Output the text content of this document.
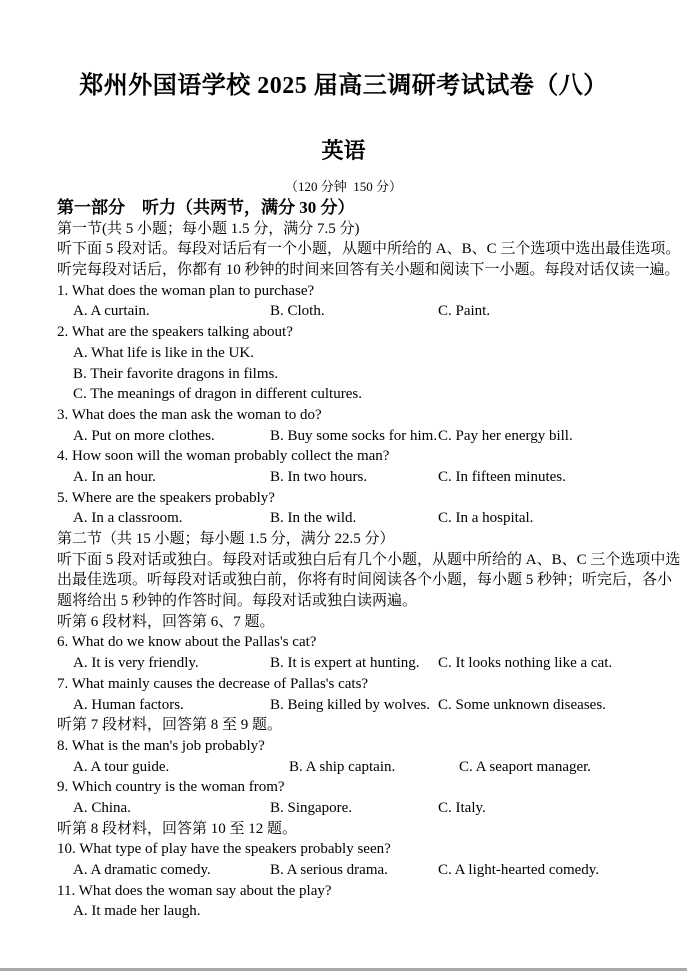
郑州外国语学校 2025 届高三调研考试试卷（八）
英语
（120 分钟  150 分）
第一部分　听力（共两节，满分 30 分）
第一节(共 5 小题；每小题 1.5 分，满分 7.5 分)
听下面 5 段对话。每段对话后有一个小题，从题中所给的 A、B、C 三个选项中选出最佳选项。
听完每段对话后，你都有 10 秒钟的时间来回答有关小题和阅读下一小题。每段对话仅读一遍。
1. What does the woman plan to purchase?
A. A curtain.	B. Cloth.	C. Paint.
2. What are the speakers talking about?
A. What life is like in the UK.
B. Their favorite dragons in films.
C. The meanings of dragon in different cultures.
3. What does the man ask the woman to do?
A. Put on more clothes.	B. Buy some socks for him. C. Pay her energy bill.
4. How soon will the woman probably collect the man?
A. In an hour.	B. In two hours.	C. In fifteen minutes.
5. Where are the speakers probably?
A. In a classroom.	B. In the wild.	C. In a hospital.
第二节（共 15 小题；每小题 1.5 分，满分 22.5 分）
听下面 5 段对话或独白。每段对话或独白后有几个小题，从题中所给的 A、B、C 三个选项中选
出最佳选项。听每段对话或独白前，你将有时间阅读各个小题，每小题 5 秒钟；听完后，各小
题将给出 5 秒钟的作答时间。每段对话或独白读两遍。
听第 6 段材料，回答第 6、7 题。
6. What do we know about the Pallas's cat?
A. It is very friendly.	B. It is expert at hunting.	C. It looks nothing like a cat.
7. What mainly causes the decrease of Pallas's cats?
A. Human factors.	B. Being killed by wolves. C. Some unknown diseases.
听第 7 段材料，回答第 8 至 9 题。
8. What is the man's job probably?
A. A tour guide.	B. A ship captain.	C. A seaport manager.
9. Which country is the woman from?
A. China.	B. Singapore.	C. Italy.
听第 8 段材料，回答第 10 至 12 题。
10. What type of play have the speakers probably seen?
A. A dramatic comedy.	B. A serious drama.	C. A light-hearted comedy.
11. What does the woman say about the play?
A. It made her laugh.
